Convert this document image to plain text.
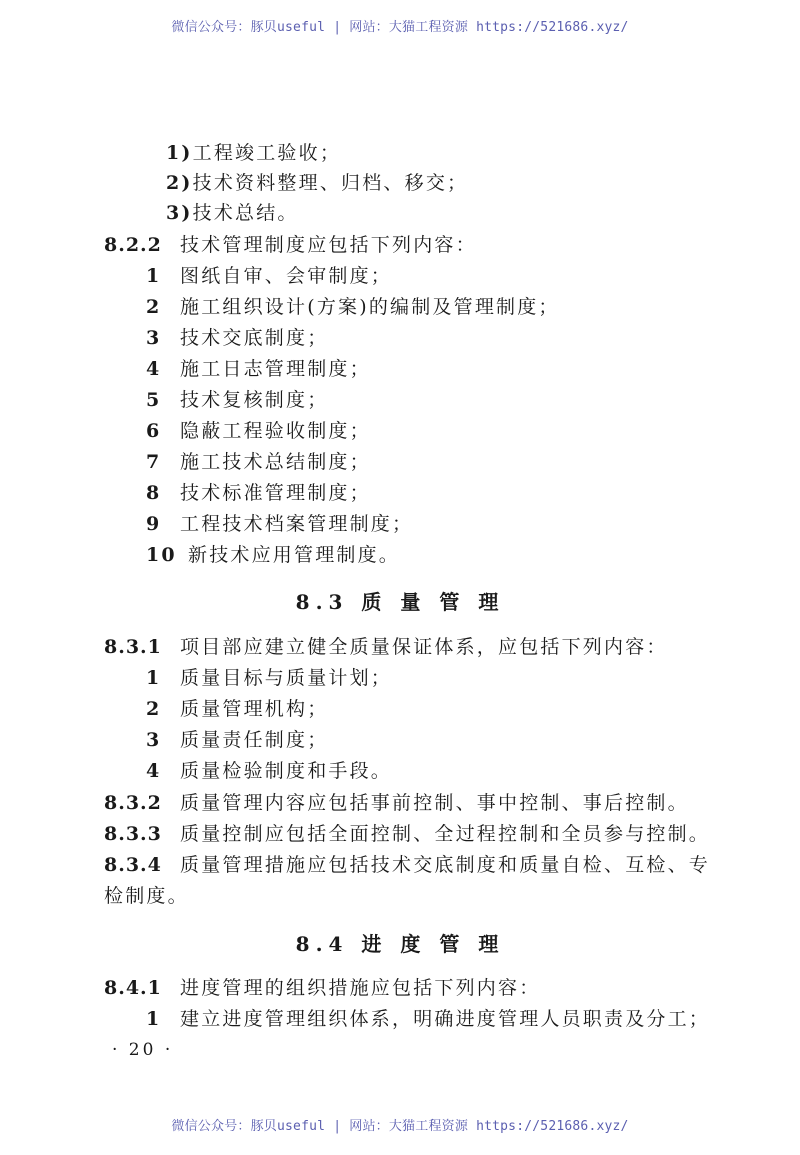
微信公众号：豚贝useful | 网站：大猫工程资源 https://521686.xyz/
1)工程竣工验收；
2)技术资料整理、归档、移交；
3)技术总结。
8.2.2 技术管理制度应包括下列内容：
1 图纸自审、会审制度；
2 施工组织设计(方案)的编制及管理制度；
3 技术交底制度；
4 施工日志管理制度；
5 技术复核制度；
6 隐蔽工程验收制度；
7 施工技术总结制度；
8 技术标准管理制度；
9 工程技术档案管理制度；
10 新技术应用管理制度。
8.3 质 量 管 理
8.3.1 项目部应建立健全质量保证体系，应包括下列内容：
1 质量目标与质量计划；
2 质量管理机构；
3 质量责任制度；
4 质量检验制度和手段。
8.3.2 质量管理内容应包括事前控制、事中控制、事后控制。
8.3.3 质量控制应包括全面控制、全过程控制和全员参与控制。
8.3.4 质量管理措施应包括技术交底制度和质量自检、互检、专
检制度。
8.4 进 度 管 理
8.4.1 进度管理的组织措施应包括下列内容：
1 建立进度管理组织体系，明确进度管理人员职责及分工；
· 20 ·
微信公众号：豚贝useful | 网站：大猫工程资源 https://521686.xyz/
